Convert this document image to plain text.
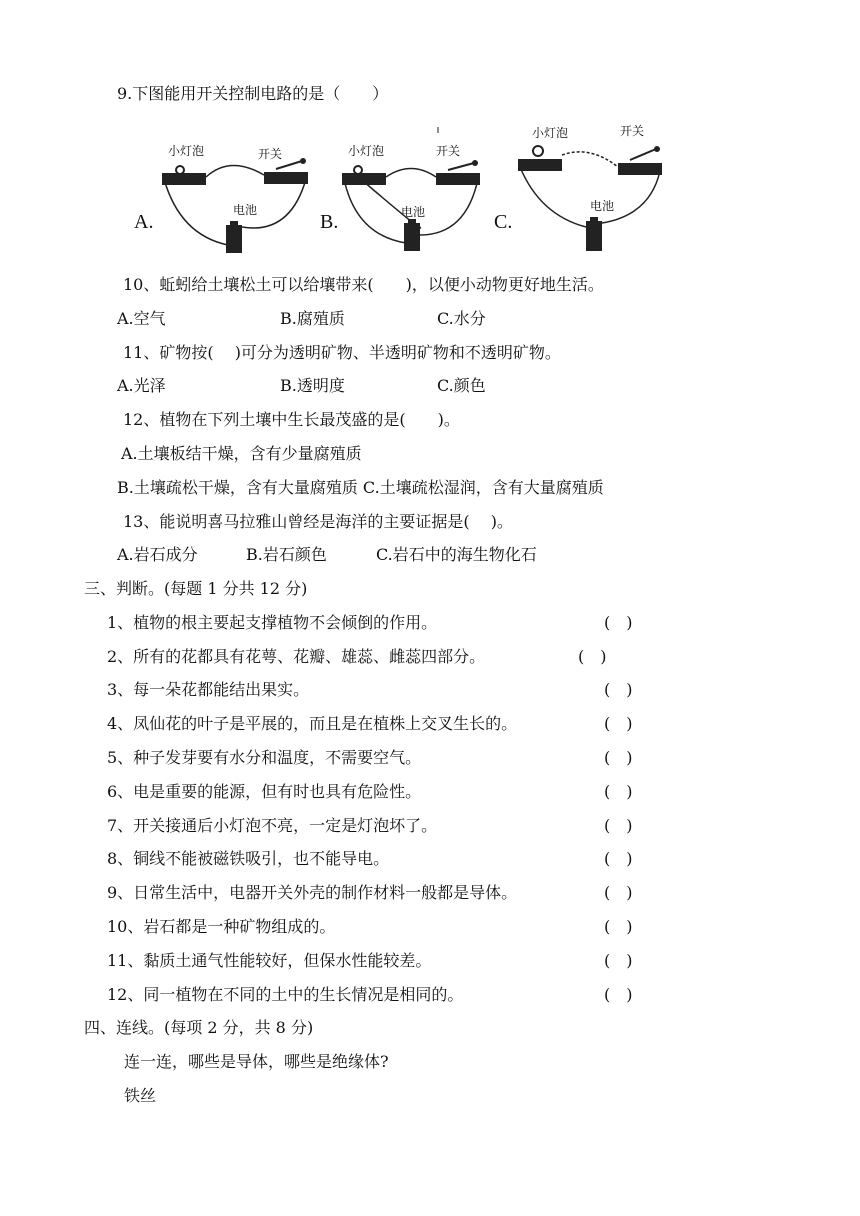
9.下图能用开关控制电路的是（　　）
A.
小灯泡	开关
电池
B.
小灯泡	开关
电池	C.
小灯泡	开关
电池
10、蚯蚓给土壤松土可以给壤带来(　　)，以便小动物更好地生活。
A.空气	B.腐殖质	C.水分
11、矿物按(　 )可分为透明矿物、半透明矿物和不透明矿物。
A.光泽	B.透明度	C.颜色
12、植物在下列土壤中生长最茂盛的是(　　)。
A.土壤板结干燥，含有少量腐殖质
B.土壤疏松干燥，含有大量腐殖质 C.土壤疏松湿润，含有大量腐殖质
13、能说明喜马拉雅山曾经是海洋的主要证据是(　 )。
A.岩石成分	B.岩石颜色	C.岩石中的海生物化石
三、判断。(每题 1 分共 12 分)
1、植物的根主要起支撑植物不会倾倒的作用。	(　)
2、所有的花都具有花萼、花瓣、雄蕊、雌蕊四部分。	(　)
3、每一朵花都能结出果实。	(　)
4、凤仙花的叶子是平展的，而且是在植株上交叉生长的。	(　)
5、种子发芽要有水分和温度，不需要空气。	(　)
6、电是重要的能源，但有时也具有危险性。	(　)
7、开关接通后小灯泡不亮，一定是灯泡坏了。	(　)
8、铜线不能被磁铁吸引，也不能导电。	(　)
9、日常生活中，电器开关外壳的制作材料一般都是导体。	(　)
10、岩石都是一种矿物组成的。	(　)
11、黏质土通气性能较好，但保水性能较差。	(　)
12、同一植物在不同的土中的生长情况是相同的。	(　)
四、连线。(每项 2 分，共 8 分)
连一连，哪些是导体，哪些是绝缘体?
铁丝
